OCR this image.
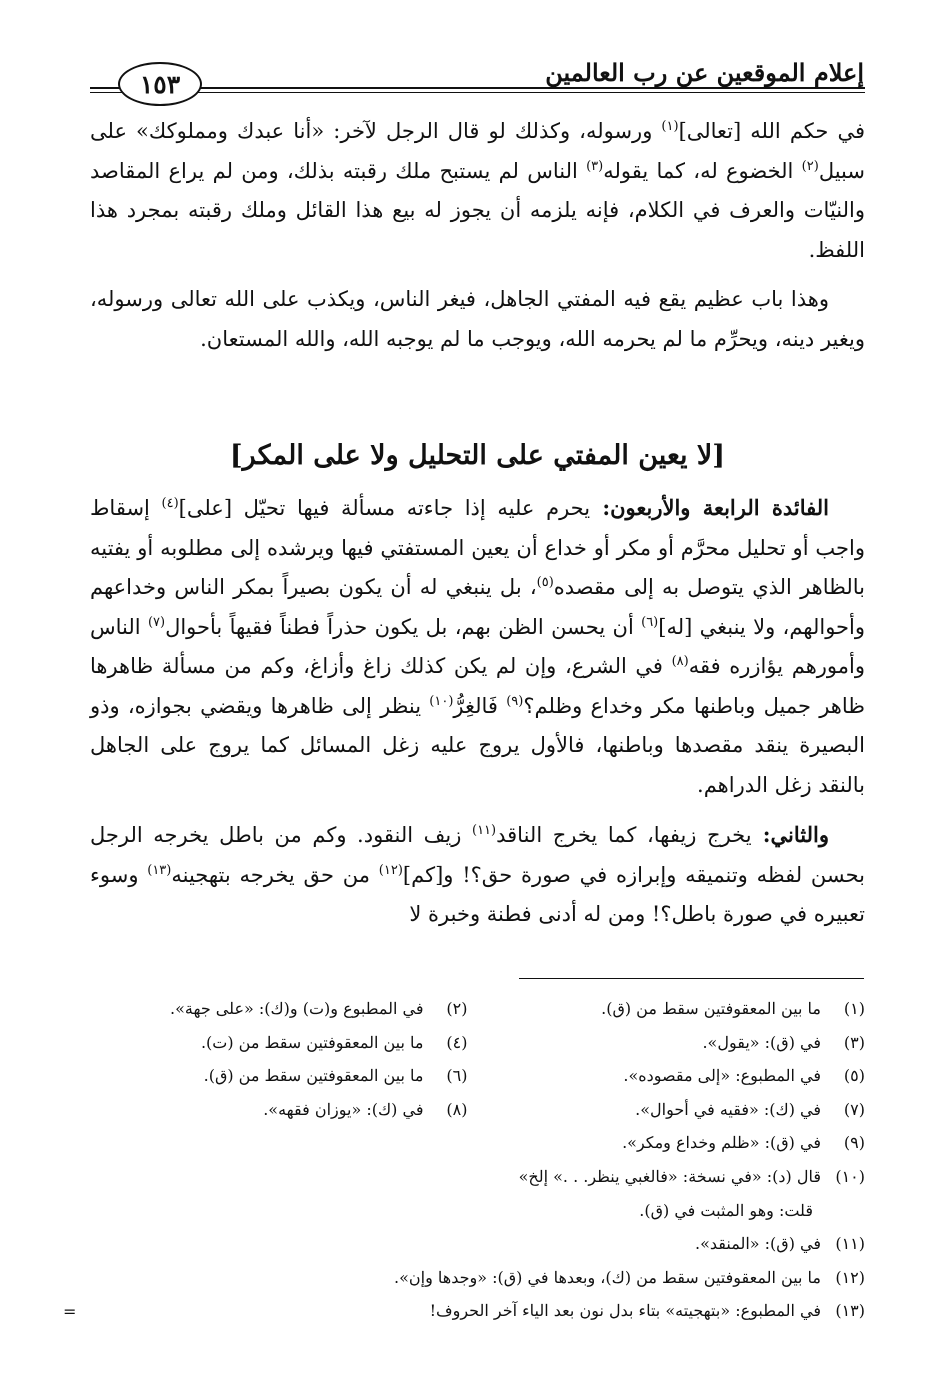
إعلام الموقعين عن رب العالمين
١٥٣

في حكم الله [تعالى]$^{(١)}$ ورسوله، وكذلك لو قال الرجل لآخر: «أنا عبدك ومملوكك» على سبيل$^{(٢)}$ الخضوع له، كما يقوله$^{(٣)}$ الناس لم يستبح ملك رقبته بذلك، ومن لم يراع المقاصد والنيّات والعرف في الكلام، فإنه يلزمه أن يجوز له بيع هذا القائل وملك رقبته بمجرد هذا اللفظ.

وهذا باب عظيم يقع فيه المفتي الجاهل، فيغر الناس، ويكذب على الله تعالى ورسوله، ويغير دينه، ويحرِّم ما لم يحرمه الله، ويوجب ما لم يوجبه الله، والله المستعان.

[لا يعين المفتي على التحليل ولا على المكر]

الفائدة الرابعة والأربعون: يحرم عليه إذا جاءته مسألة فيها تحيّل [على]$^{(٤)}$ إسقاط واجب أو تحليل محرَّم أو مكر أو خداع أن يعين المستفتي فيها ويرشده إلى مطلوبه أو يفتيه بالظاهر الذي يتوصل به إلى مقصده$^{(٥)}$، بل ينبغي له أن يكون بصيراً بمكر الناس وخداعهم وأحوالهم، ولا ينبغي [له]$^{(٦)}$ أن يحسن الظن بهم، بل يكون حذراً فطناً فقيهاً بأحوال$^{(٧)}$ الناس وأمورهم يؤازره فقه$^{(٨)}$ في الشرع، وإن لم يكن كذلك زاغ وأزاغ، وكم من مسألة ظاهرها ظاهر جميل وباطنها مكر وخداع وظلم؟$^{(٩)}$ فَالغِرُّ$^{(١٠)}$ ينظر إلى ظاهرها ويقضي بجوازه، وذو البصيرة ينقد مقصدها وباطنها، فالأول يروج عليه زغل المسائل كما يروج على الجاهل بالنقد زغل الدراهم.

والثاني: يخرج زيفها، كما يخرج الناقد$^{(١١)}$ زيف النقود. وكم من باطل يخرجه الرجل بحسن لفظه وتنميقه وإبرازه في صورة حق؟! و[كم]$^{(١٢)}$ من حق يخرجه بتهجينه$^{(١٣)}$ وسوء تعبيره في صورة باطل؟! ومن له أدنى فطنة وخبرة لا

(١)ما بين المعقوفتين سقط من (ق).
(٢)في المطبوع و(ت) و(ك): «على جهة».
(٣)في (ق): «يقول».
(٤)ما بين المعقوفتين سقط من (ت).
(٥)في المطبوع: «إلى مقصوده».
(٦)ما بين المعقوفتين سقط من (ق).
(٧)في (ك): «فقيه في أحوال».
(٨)في (ك): «يوزان فقهه».
(٩)في (ق): «ظلم وخداع ومكر».
(١٠)قال (د): «في نسخة: «فالغبي ينظر. . .» إلخ»
قلت: وهو المثبت في (ق).
(١١)في (ق): «المنقد».
(١٢)ما بين المعقوفتين سقط من (ك)، وبعدها في (ق): «وجدها وإن».
(١٣)في المطبوع: «بتهجيته» بتاء بدل نون بعد الياء آخر الحروف!
=
